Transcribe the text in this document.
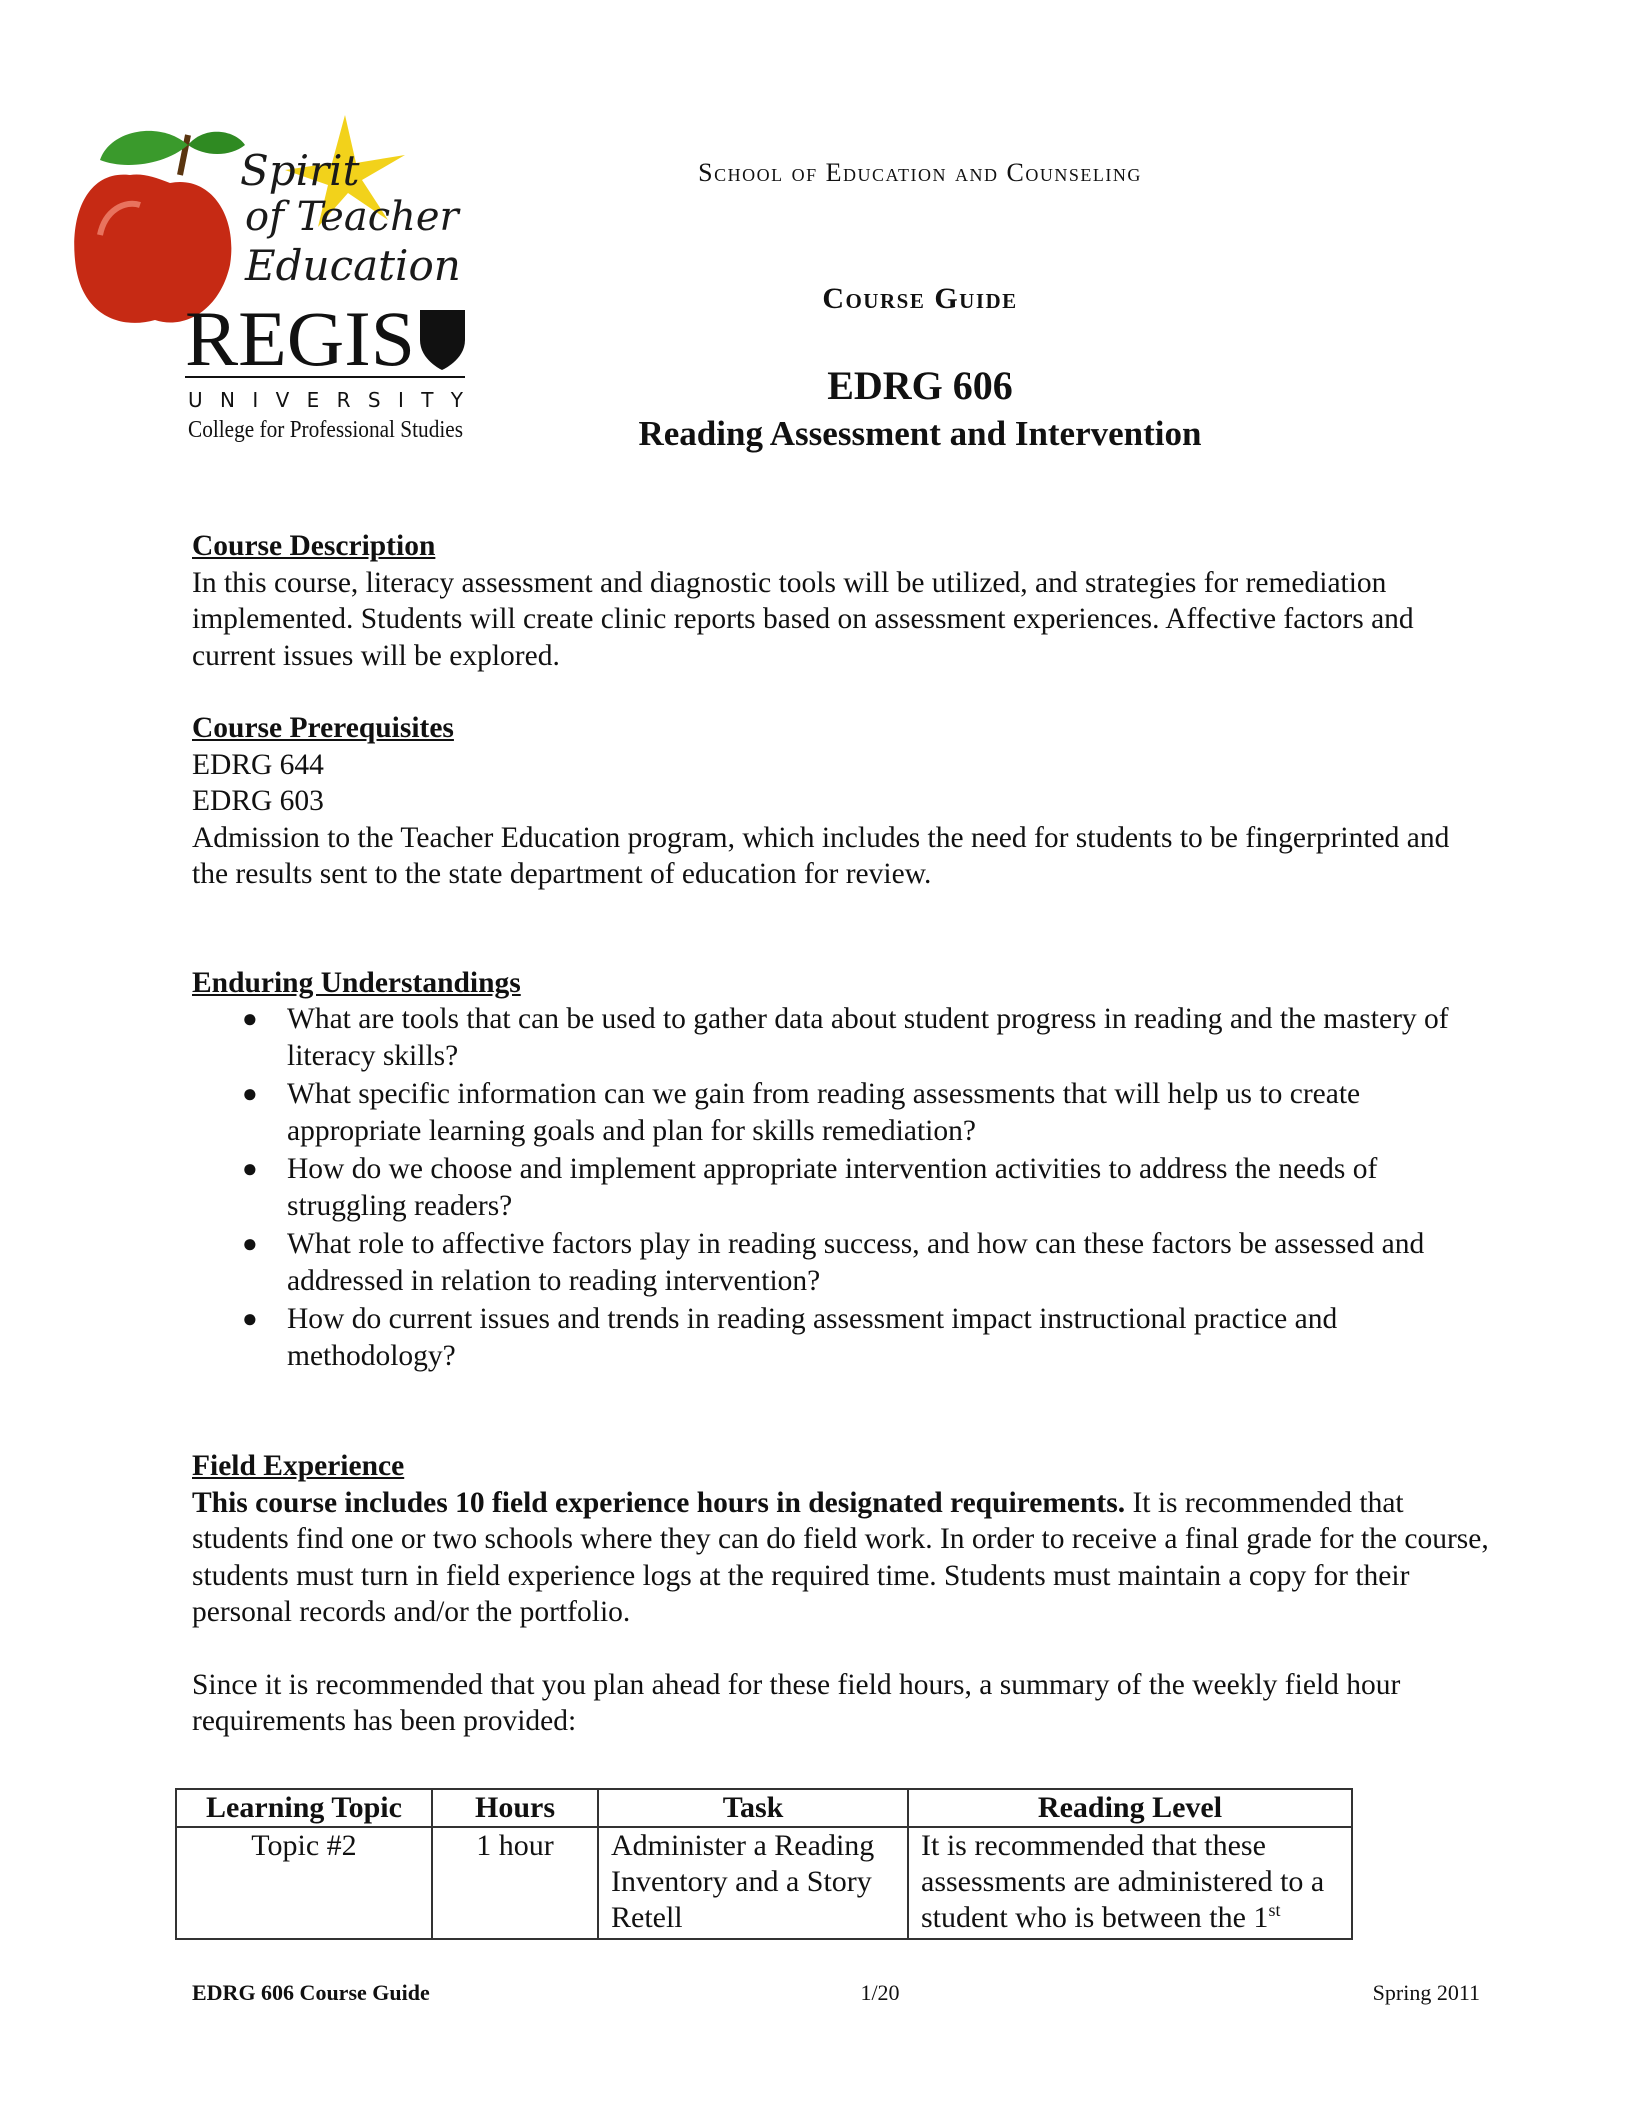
Spirit
of Teacher
Education
REGIS
UNIVERSITY
College for Professional Studies
School of Education and Counseling
Course Guide
EDRG 606
Reading Assessment and Intervention

Course Description

In this course, literacy assessment and diagnostic tools will be utilized, and strategies for remediation implemented. Students will create clinic reports based on assessment experiences. Affective factors and current issues will be explored.

Course Prerequisites

EDRG 644

EDRG 603

Admission to the Teacher Education program, which includes the need for students to be fingerprinted and the results sent to the state department of education for review.

Enduring Understandings

● What are tools that can be used to gather data about student progress in reading and the mastery of literacy skills?
● What specific information can we gain from reading assessments that will help us to create appropriate learning goals and plan for skills remediation?
● How do we choose and implement appropriate intervention activities to address the needs of struggling readers?
● What role to affective factors play in reading success, and how can these factors be assessed and addressed in relation to reading intervention?
● How do current issues and trends in reading assessment impact instructional practice and methodology?

Field Experience

This course includes 10 field experience hours in designated requirements. It is recommended that students find one or two schools where they can do field work. In order to receive a final grade for the course, students must turn in field experience logs at the required time. Students must maintain a copy for their personal records and/or the portfolio.

Since it is recommended that you plan ahead for these field hours, a summary of the weekly field hour requirements has been provided:

Learning Topic	Hours	Task	Reading Level
Topic #2	1 hour	Administer a Reading Inventory and a Story Retell	It is recommended that these assessments are administered to a student who is between the 1st
EDRG 606 Course Guide	1/20	Spring 2011
